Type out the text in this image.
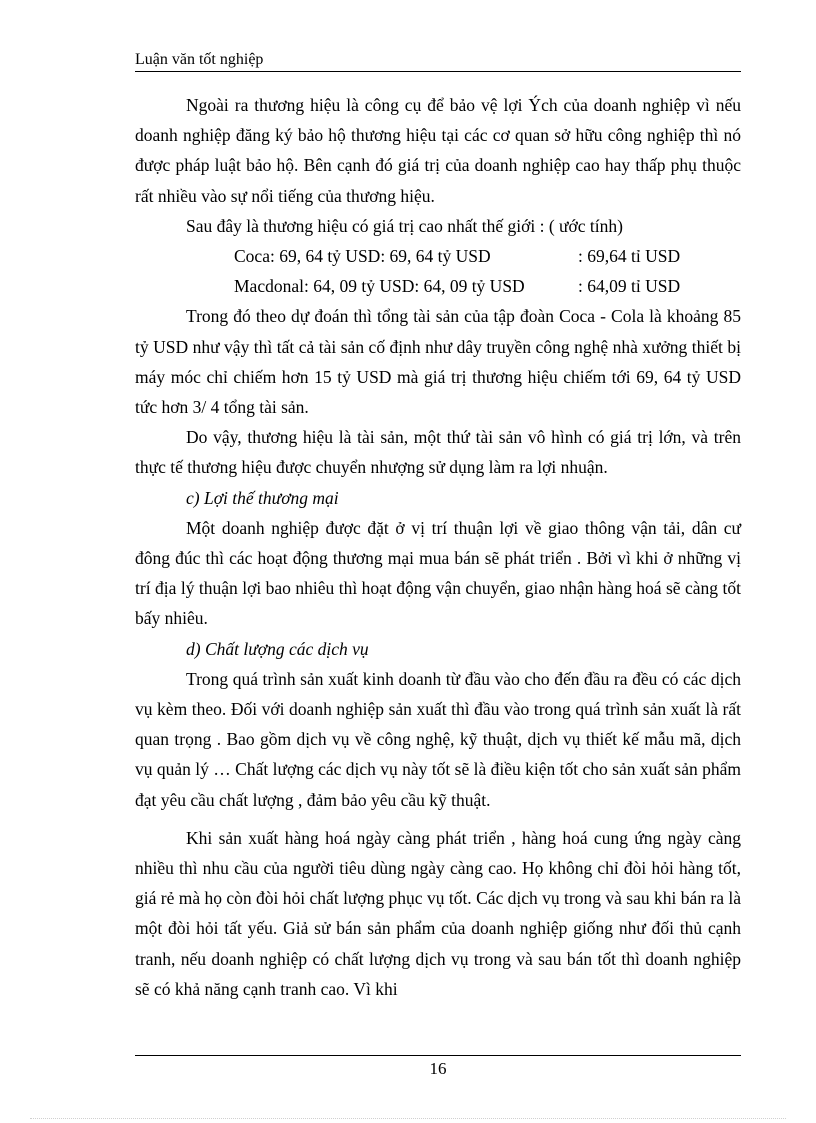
Luận văn tốt nghiệp

Ngoài ra thương hiệu là công cụ để bảo vệ lợi Ých của doanh nghiệp vì nếu doanh nghiệp đăng ký bảo hộ thương hiệu tại các cơ quan sở hữu công nghiệp thì nó được pháp luật bảo hộ. Bên cạnh đó giá trị của doanh nghiệp cao hay thấp phụ thuộc rất nhiều vào sự nổi tiếng của thương hiệu.

Sau đây là thương hiệu có giá trị cao nhất thế giới : ( ước tính)

Coca: 69, 64 tỷ USD: 69, 64 tỷ USD	: 69,64 tỉ USD
Macdonal: 64, 09 tỷ USD: 64, 09 tỷ USD	: 64,09 tỉ USD

Trong đó theo dự đoán thì tổng tài sản của tập đoàn Coca - Cola là khoảng 85 tỷ USD như vậy thì tất cả tài sản cố định như dây truyền công nghệ nhà xưởng thiết bị máy móc chỉ chiếm hơn 15 tỷ USD mà giá trị thương hiệu chiếm tới 69, 64 tỷ USD tức hơn 3/ 4 tổng tài sản.

Do vậy, thương hiệu là tài sản, một thứ tài sản vô hình có giá trị lớn, và trên thực tế thương hiệu được chuyển nhượng sử dụng làm ra lợi nhuận.

c) Lợi thế thương mại

Một doanh nghiệp được đặt ở vị trí thuận lợi về giao thông vận tải, dân cư đông đúc thì các hoạt động thương mại mua bán sẽ phát triển . Bởi vì khi ở những vị trí địa lý thuận lợi bao nhiêu thì hoạt động vận chuyển, giao nhận hàng hoá sẽ càng tốt bấy nhiêu.

d) Chất lượng các dịch vụ

Trong quá trình sản xuất kinh doanh từ đầu vào cho đến đầu ra đều có các dịch vụ kèm theo. Đối với doanh nghiệp sản xuất thì đầu vào trong quá trình sản xuất là rất quan trọng . Bao gồm dịch vụ về công nghệ, kỹ thuật, dịch vụ thiết kế mẫu mã, dịch vụ quản lý … Chất lượng các dịch vụ này tốt sẽ là điều kiện tốt cho sản xuất sản phẩm đạt yêu cầu chất lượng , đảm bảo yêu cầu kỹ thuật.

Khi sản xuất hàng hoá ngày càng phát triển , hàng hoá cung ứng ngày càng nhiều thì nhu cầu của người tiêu dùng ngày càng cao. Họ không chỉ đòi hỏi hàng tốt, giá rẻ mà họ còn đòi hỏi chất lượng phục vụ tốt. Các dịch vụ trong và sau khi bán ra là một đòi hỏi tất yếu. Giả sử bán sản phẩm của doanh nghiệp giống như đối thủ cạnh tranh, nếu doanh nghiệp có chất lượng dịch vụ trong và sau bán tốt thì doanh nghiệp sẽ có khả năng cạnh tranh cao. Vì khi

16
